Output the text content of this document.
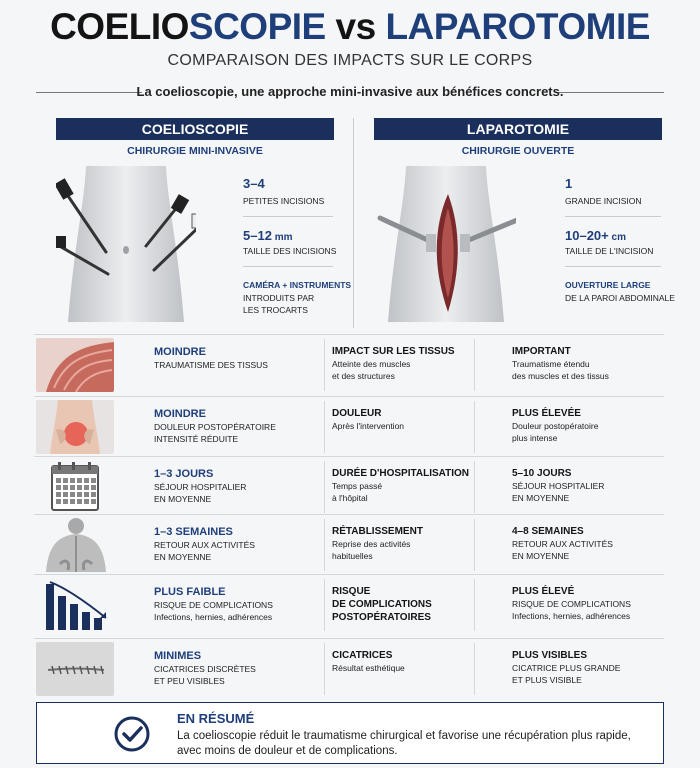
COELIOSCOPIE vs LAPAROTOMIE
COMPARAISON DES IMPACTS SUR LE CORPS
La coelioscopie, une approche mini-invasive aux bénéfices concrets.
COELIOSCOPIE	LAPAROTOMIE
CHIRURGIE MINI-INVASIVE	CHIRURGIE OUVERTE
3–4
PETITES INCISIONS
5–12 mm
TAILLE DES INCISIONS
CAMÉRA + INSTRUMENTS
INTRODUITS PAR
LES TROCARTS
1
GRANDE INCISION
10–20+ cm
TAILLE DE L'INCISION
OUVERTURE LARGE
DE LA PAROI ABDOMINALE
MOINDRE
TRAUMATISME DES TISSUS
IMPACT SUR LES TISSUS
Atteinte des muscles
et des structures
IMPORTANT
Traumatisme étendu
des muscles et des tissus
MOINDRE
DOULEUR POSTOPÉRATOIRE
INTENSITÉ RÉDUITE
DOULEUR
Après l'intervention
PLUS ÉLEVÉE
Douleur postopératoire
plus intense
1–3 JOURS
SÉJOUR HOSPITALIER
EN MOYENNE
DURÉE D'HOSPITALISATION
Temps passé
à l'hôpital
5–10 JOURS
SÉJOUR HOSPITALIER
EN MOYENNE
1–3 SEMAINES
RETOUR AUX ACTIVITÉS
EN MOYENNE
RÉTABLISSEMENT
Reprise des activités
habituelles
4–8 SEMAINES
RETOUR AUX ACTIVITÉS
EN MOYENNE
PLUS FAIBLE
RISQUE DE COMPLICATIONS
Infections, hernies, adhérences
RISQUE
DE COMPLICATIONS
POSTOPÉRATOIRES
PLUS ÉLEVÉ
RISQUE DE COMPLICATIONS
Infections, hernies, adhérences
MINIMES
CICATRICES DISCRÈTES
ET PEU VISIBLES
CICATRICES
Résultat esthétique
PLUS VISIBLES
CICATRICE PLUS GRANDE
ET PLUS VISIBLE
EN RÉSUMÉ
La coelioscopie réduit le traumatisme chirurgical et favorise une récupération plus rapide, avec moins de douleur et de complications.
